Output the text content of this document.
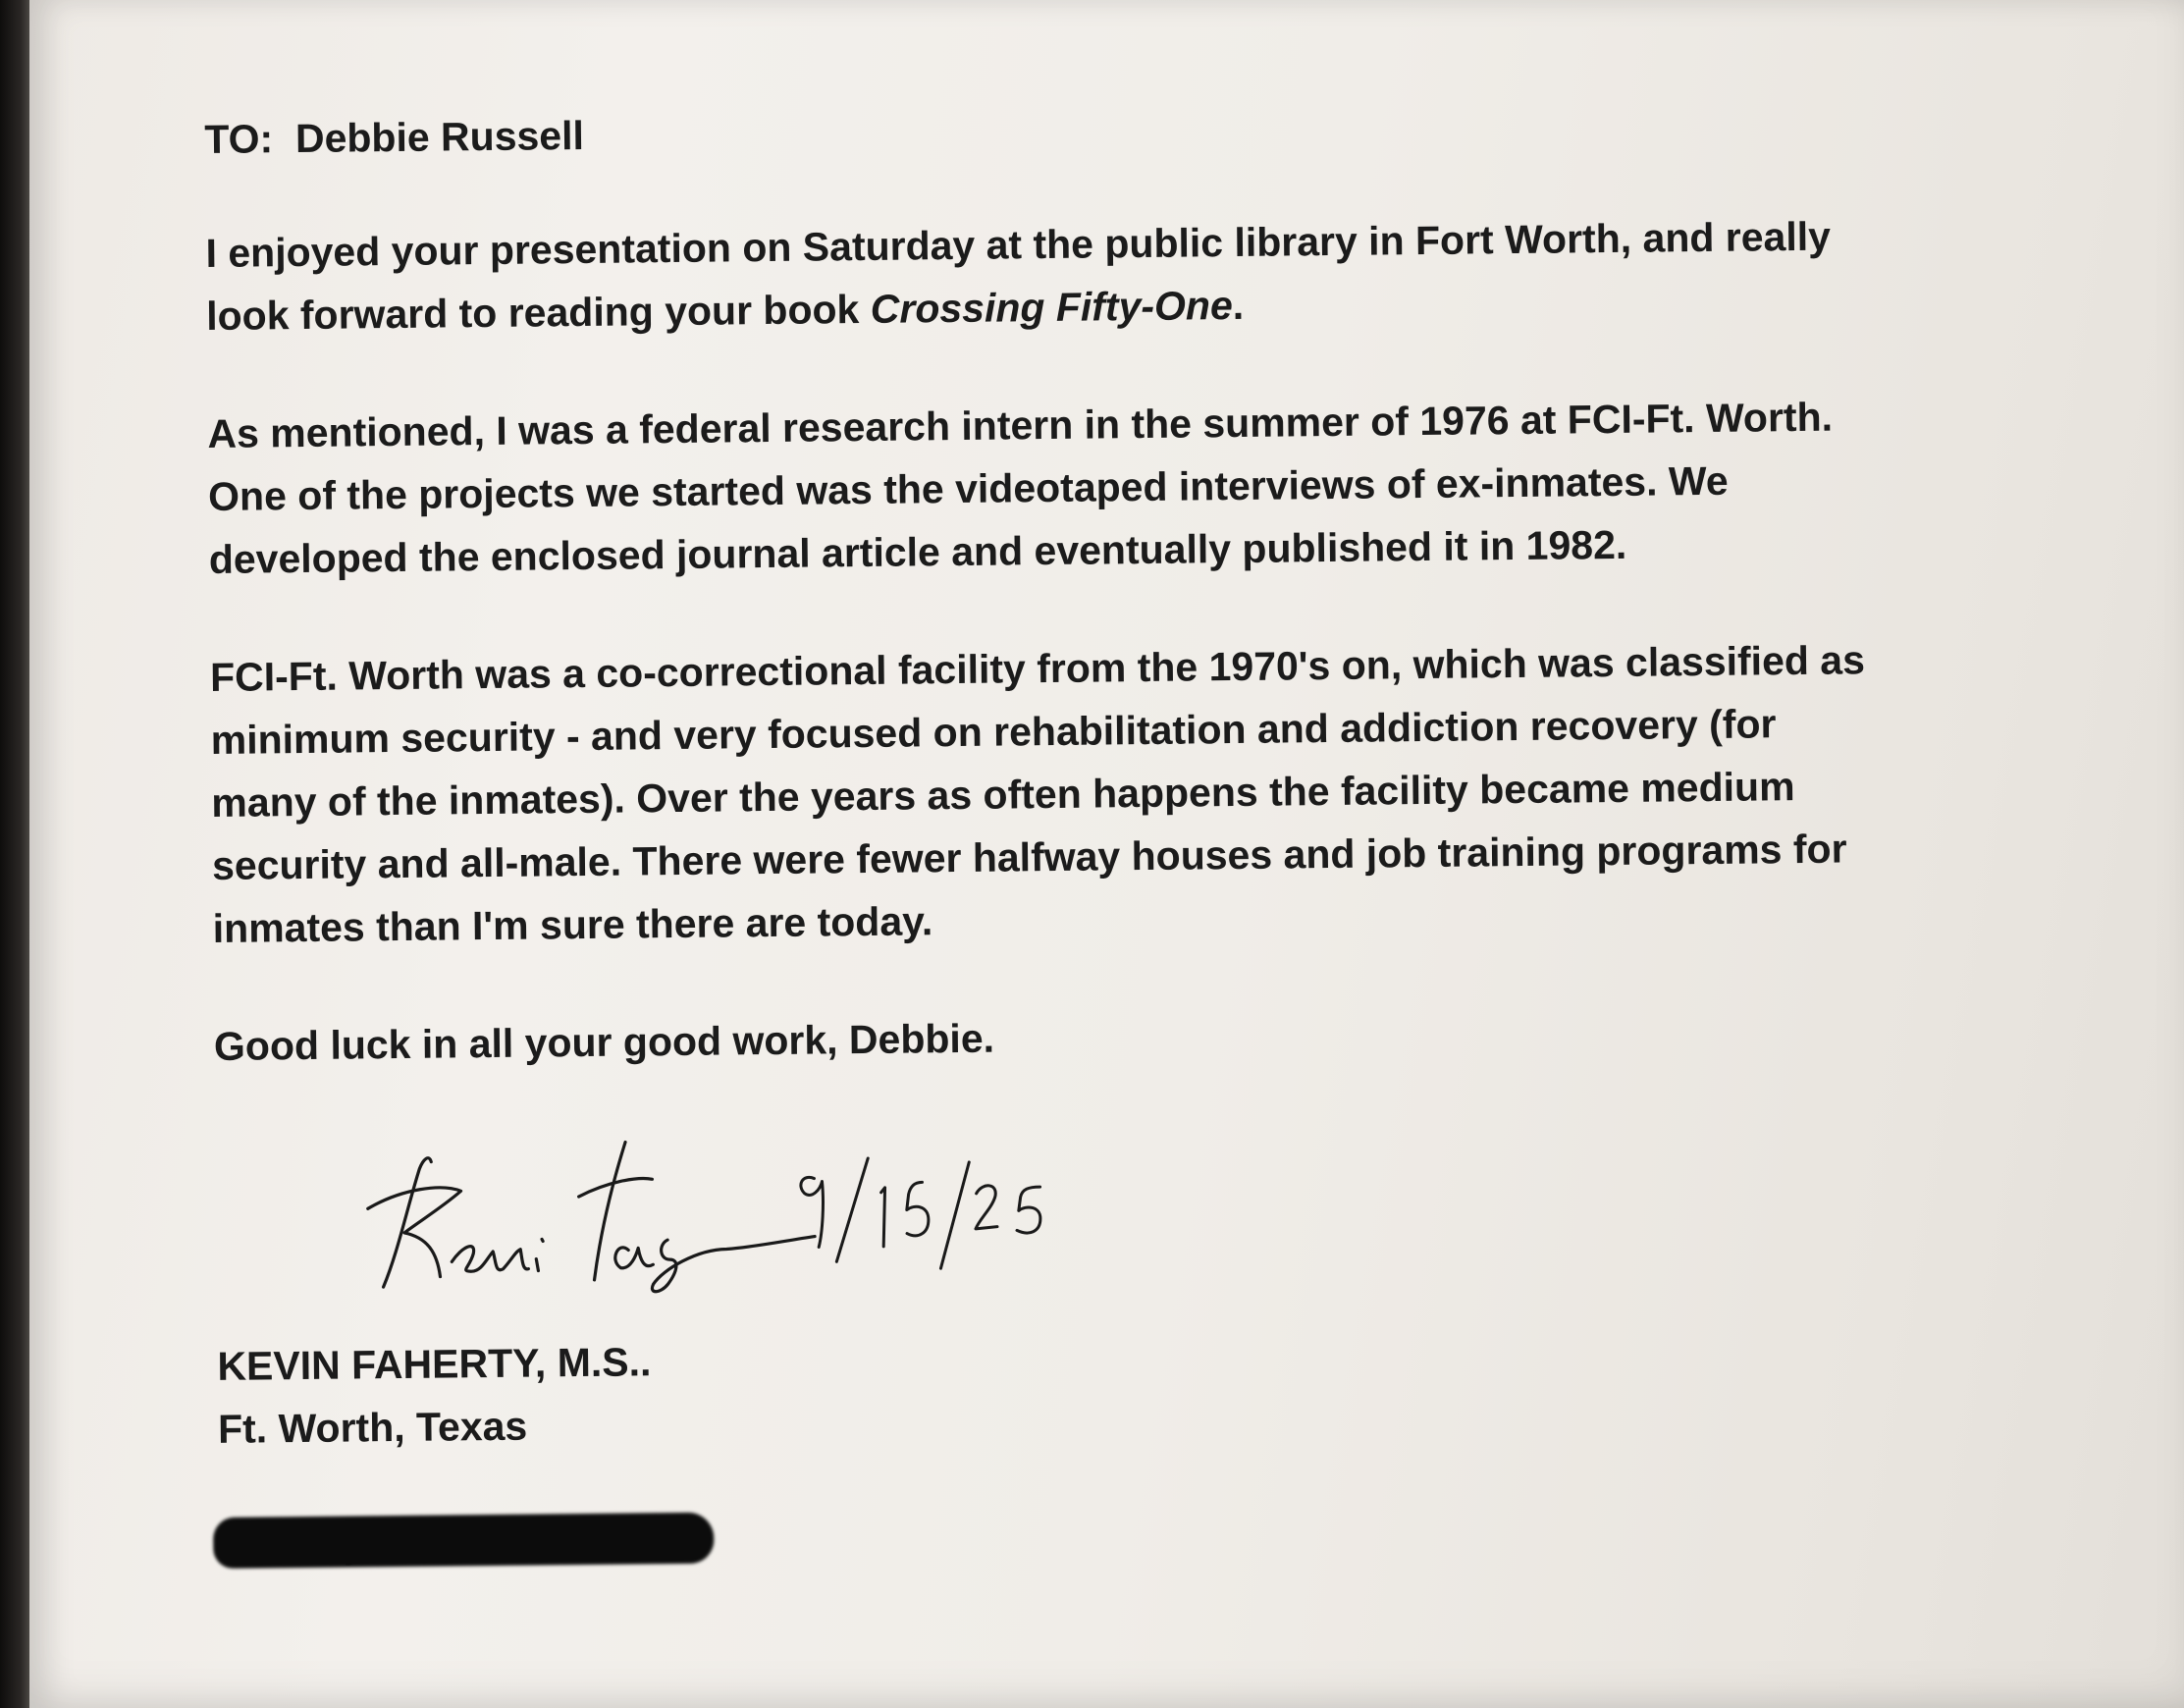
TO:  Debbie Russell
I enjoyed your presentation on Saturday at the public library in Fort Worth, and really
look forward to reading your book Crossing Fifty-One.
As mentioned, I was a federal research intern in the summer of 1976 at FCI-Ft. Worth.
One of the projects we started was the videotaped interviews of ex-inmates. We
developed the enclosed journal article and eventually published it in 1982.
FCI-Ft. Worth was a co-correctional facility from the 1970's on, which was classified as
minimum security - and very focused on rehabilitation and addiction recovery (for
many of the inmates). Over the years as often happens the facility became medium
security and all-male. There were fewer halfway houses and job training programs for
inmates than I'm sure there are today.
Good luck in all your good work, Debbie.
KEVIN FAHERTY, M.S..
Ft. Worth, Texas
